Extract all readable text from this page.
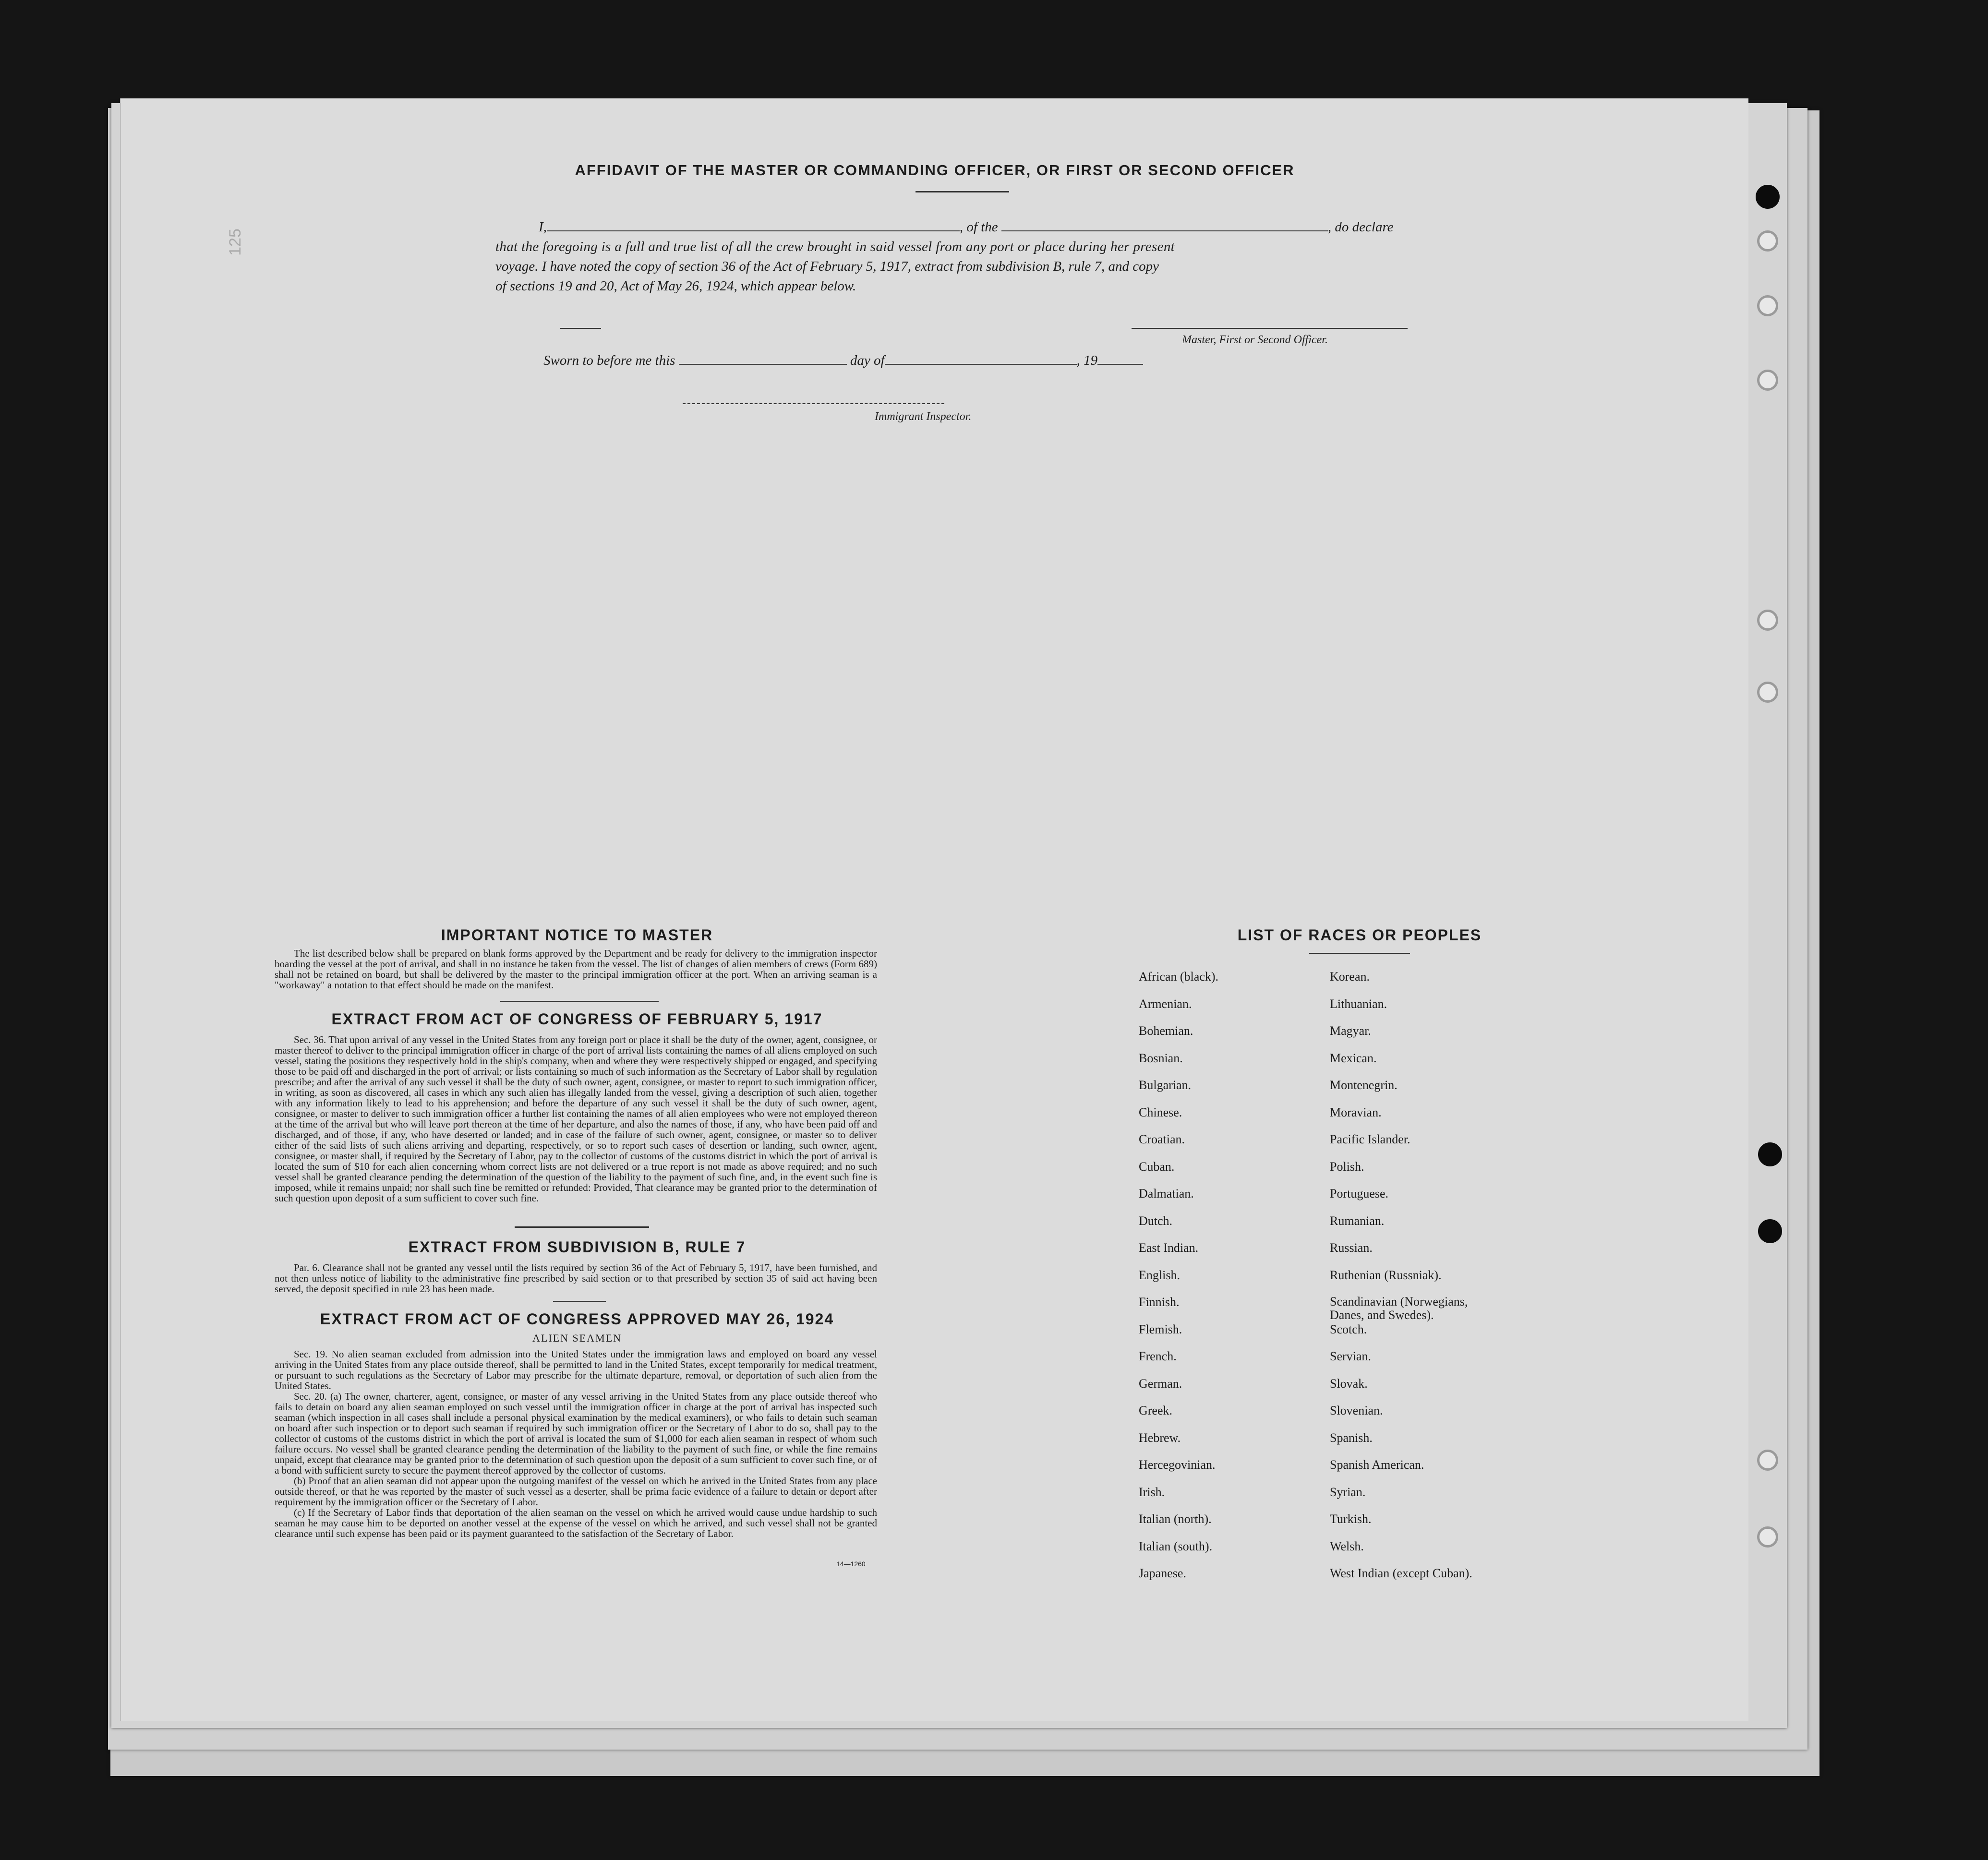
125
AFFIDAVIT OF THE MASTER OR COMMANDING OFFICER, OR FIRST OR SECOND OFFICER
I,	, of the	, do declare
that the foregoing is a full and true list of all the crew brought in said vessel from any port or place during her present
voyage. I have noted the copy of section 36 of the Act of February 5, 1917, extract from subdivision B, rule 7, and copy
of sections 19 and 20, Act of May 26, 1924, which appear below.
Master, First or Second Officer.
Sworn to before me this	day of	, 19
Immigrant Inspector.
IMPORTANT NOTICE TO MASTER

The list described below shall be prepared on blank forms approved by the Department and be ready for delivery to the immigration inspector boarding the vessel at the port of arrival, and shall in no instance be taken from the vessel. The list of changes of alien members of crews (Form 689) shall not be retained on board, but shall be delivered by the master to the principal immigration officer at the port. When an arriving seaman is a "workaway" a notation to that effect should be made on the manifest.

EXTRACT FROM ACT OF CONGRESS OF FEBRUARY 5, 1917

Sec. 36. That upon arrival of any vessel in the United States from any foreign port or place it shall be the duty of the owner, agent, consignee, or master thereof to deliver to the principal immigration officer in charge of the port of arrival lists containing the names of all aliens employed on such vessel, stating the positions they respectively hold in the ship's company, when and where they were respectively shipped or engaged, and specifying those to be paid off and discharged in the port of arrival; or lists containing so much of such information as the Secretary of Labor shall by regulation prescribe; and after the arrival of any such vessel it shall be the duty of such owner, agent, consignee, or master to report to such immigration officer, in writing, as soon as discovered, all cases in which any such alien has illegally landed from the vessel, giving a description of such alien, together with any information likely to lead to his apprehension; and before the departure of any such vessel it shall be the duty of such owner, agent, consignee, or master to deliver to such immigration officer a further list containing the names of all alien employees who were not employed thereon at the time of the arrival but who will leave port thereon at the time of her departure, and also the names of those, if any, who have been paid off and discharged, and of those, if any, who have deserted or landed; and in case of the failure of such owner, agent, consignee, or master so to deliver either of the said lists of such aliens arriving and departing, respectively, or so to report such cases of desertion or landing, such owner, agent, consignee, or master shall, if required by the Secretary of Labor, pay to the collector of customs of the customs district in which the port of arrival is located the sum of $10 for each alien concerning whom correct lists are not delivered or a true report is not made as above required; and no such vessel shall be granted clearance pending the determination of the question of the liability to the payment of such fine, and, in the event such fine is imposed, while it remains unpaid; nor shall such fine be remitted or refunded: Provided, That clearance may be granted prior to the determination of such question upon deposit of a sum sufficient to cover such fine.

EXTRACT FROM SUBDIVISION B, RULE 7

Par. 6. Clearance shall not be granted any vessel until the lists required by section 36 of the Act of February 5, 1917, have been furnished, and not then unless notice of liability to the administrative fine prescribed by said section or to that prescribed by section 35 of said act having been served, the deposit specified in rule 23 has been made.

EXTRACT FROM ACT OF CONGRESS APPROVED MAY 26, 1924
ALIEN SEAMEN

Sec. 19. No alien seaman excluded from admission into the United States under the immigration laws and employed on board any vessel arriving in the United States from any place outside thereof, shall be permitted to land in the United States, except temporarily for medical treatment, or pursuant to such regulations as the Secretary of Labor may prescribe for the ultimate departure, removal, or deportation of such alien from the United States.

Sec. 20. (a) The owner, charterer, agent, consignee, or master of any vessel arriving in the United States from any place outside thereof who fails to detain on board any alien seaman employed on such vessel until the immigration officer in charge at the port of arrival has inspected such seaman (which inspection in all cases shall include a personal physical examination by the medical examiners), or who fails to detain such seaman on board after such inspection or to deport such seaman if required by such immigration officer or the Secretary of Labor to do so, shall pay to the collector of customs of the customs district in which the port of arrival is located the sum of $1,000 for each alien seaman in respect of whom such failure occurs. No vessel shall be granted clearance pending the determination of the liability to the payment of such fine, or while the fine remains unpaid, except that clearance may be granted prior to the determination of such question upon the deposit of a sum sufficient to cover such fine, or of a bond with sufficient surety to secure the payment thereof approved by the collector of customs.

(b) Proof that an alien seaman did not appear upon the outgoing manifest of the vessel on which he arrived in the United States from any place outside thereof, or that he was reported by the master of such vessel as a deserter, shall be prima facie evidence of a failure to detain or deport after requirement by the immigration officer or the Secretary of Labor.

(c) If the Secretary of Labor finds that deportation of the alien seaman on the vessel on which he arrived would cause undue hardship to such seaman he may cause him to be deported on another vessel at the expense of the vessel on which he arrived, and such vessel shall not be granted clearance until such expense has been paid or its payment guaranteed to the satisfaction of the Secretary of Labor.

14—1260
LIST OF RACES OR PEOPLES
African (black).
Armenian.
Bohemian.
Bosnian.
Bulgarian.
Chinese.
Croatian.
Cuban.
Dalmatian.
Dutch.
East Indian.
English.
Finnish.
Flemish.
French.
German.
Greek.
Hebrew.
Hercegovinian.
Irish.
Italian (north).
Italian (south).
Japanese.
Korean.
Lithuanian.
Magyar.
Mexican.
Montenegrin.
Moravian.
Pacific Islander.
Polish.
Portuguese.
Rumanian.
Russian.
Ruthenian (Russniak).
Scandinavian (Norwegians, Danes, and Swedes).
Scotch.
Servian.
Slovak.
Slovenian.
Spanish.
Spanish American.
Syrian.
Turkish.
Welsh.
West Indian (except Cuban).
